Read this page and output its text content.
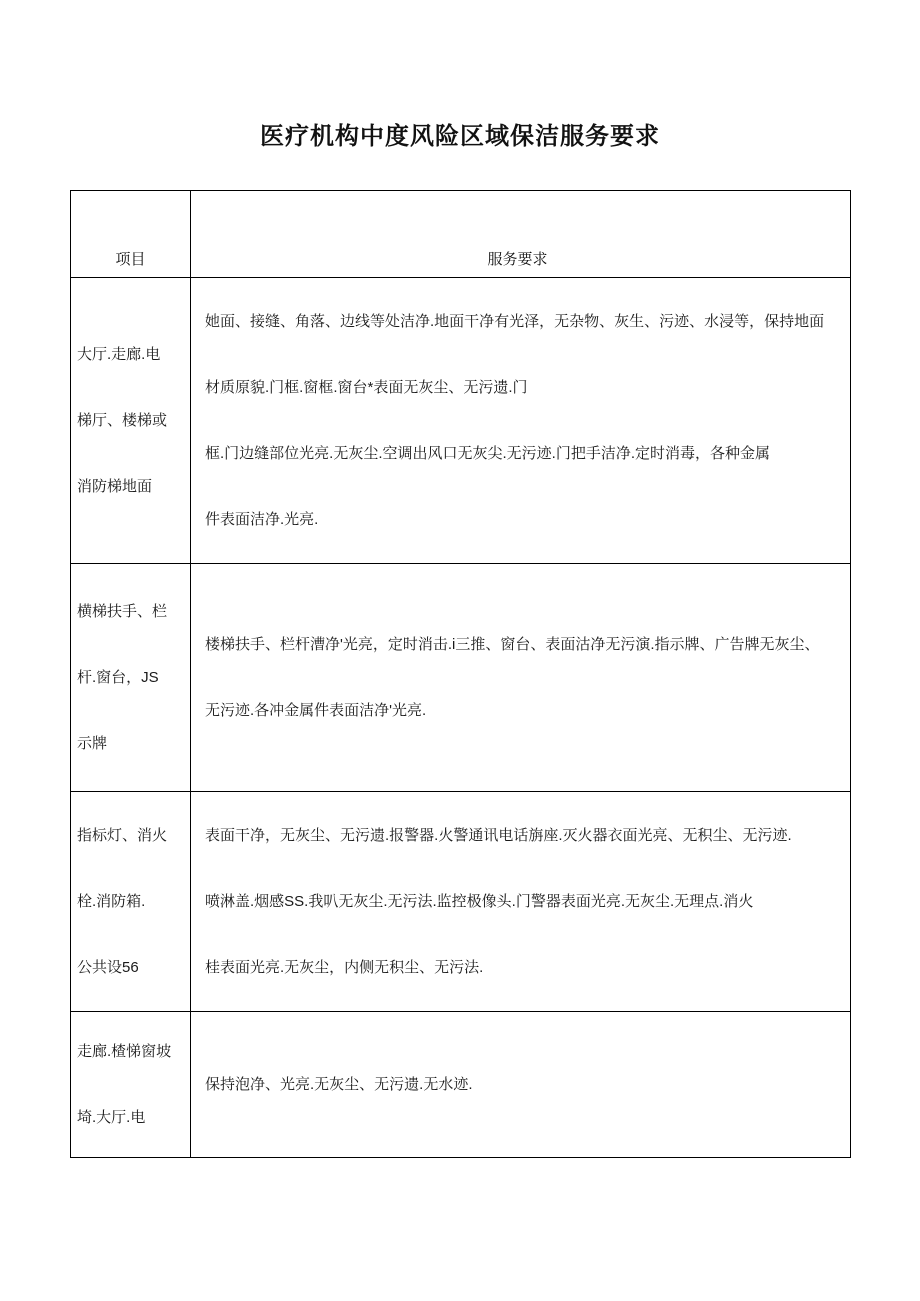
医疗机构中度风险区域保洁服务要求
项目	服务要求
大厅.走廊.电
梯厅、楼梯或
消防梯地面
她面、接缝、角落、边线等处洁净.地面干净有光泽，无杂物、灰生、污迹、水浸等，保持地面
材质原貌.门框.窗框.窗台*表面无灰尘、无污遗.门
框.门边缝部位光亮.无灰尘.空调出风口无灰尖.无污迹.门把手洁净.定时消毒，各种金属
件表面洁净.光亮.
横梯扶手、栏
杆.窗台，JS
示牌
楼梯扶手、栏杆漕净'光亮，定时消击.i三推、窗台、表面沽净无污演.指示牌、广告牌无灰尘、
无污迹.各冲金属件表面洁净'光亮.
指标灯、消火
栓.消防箱.
公共设56
表面干净，无灰尘、无污遗.报警器.火警通讯电话旃座.灭火器衣面光亮、无积尘、无污迹.
喷淋盖.烟感SS.我叭无灰尘.无污法.监控极像头.门警器表面光亮.无灰尘.无理点.消火
桂表面光亮.无灰尘，内侧无积尘、无污法.
走廊.楂悌窗坡
埼.大厅.电
保持泡净、光亮.无灰尘、无污遗.无水迹.
